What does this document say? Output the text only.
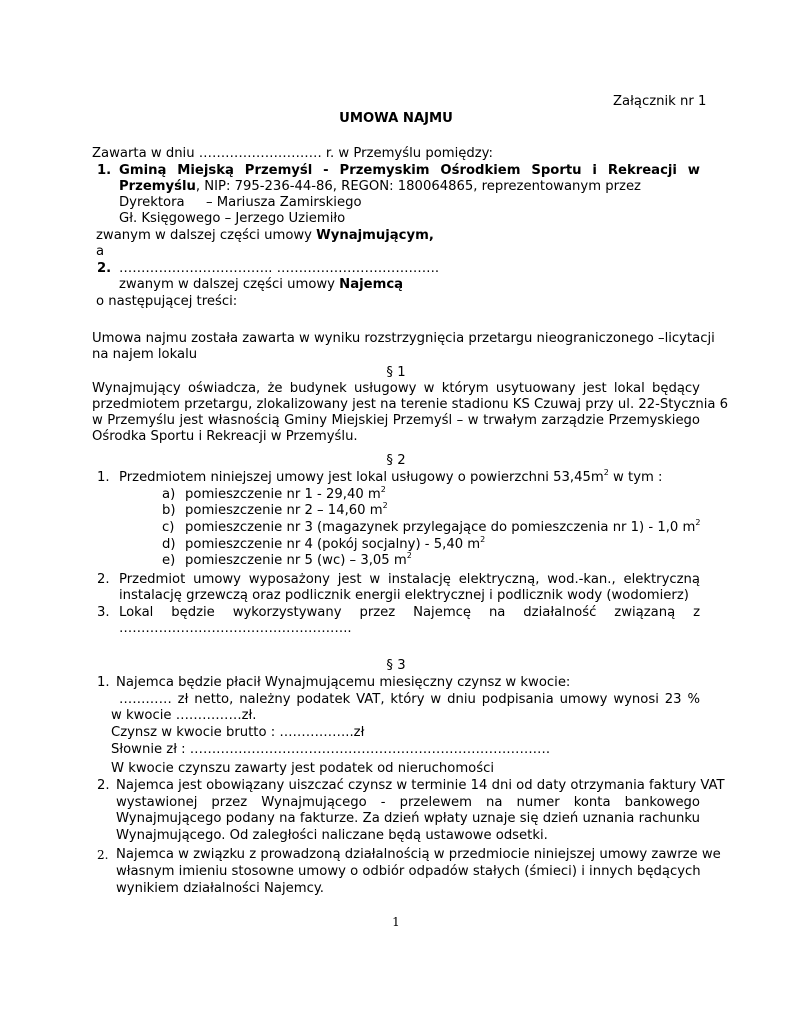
Załącznik nr 1
UMOWA NAJMU
Zawarta w dniu ………………………. r. w Przemyślu pomiędzy:
1. Gminą Miejską Przemyśl - Przemyskim Ośrodkiem Sportu i Rekreacji w
Przemyślu, NIP: 795-236-44-86, REGON: 180064865, reprezentowanym przez
Dyrektora – Mariusza Zamirskiego
Gł. Księgowego – Jerzego Uziemiło
zwanym w dalszej części umowy Wynajmującym,
a
2. …………………………….. ……………………………….
zwanym w dalszej części umowy Najemcą
o następującej treści:
Umowa najmu została zawarta w wyniku rozstrzygnięcia przetargu nieograniczonego –licytacji
na najem lokalu
§ 1
Wynajmujący oświadcza, że budynek usługowy w którym usytuowany jest lokal będący
przedmiotem przetargu, zlokalizowany jest na terenie stadionu KS Czuwaj przy ul. 22-Stycznia 6
w Przemyślu jest własnością Gminy Miejskiej Przemyśl – w trwałym zarządzie Przemyskiego
Ośrodka Sportu i Rekreacji w Przemyślu.
§ 2
1. Przedmiotem niniejszej umowy jest lokal usługowy o powierzchni $53,45m^2$ w tym :
a) pomieszczenie nr 1 - 29,40 $m^2$
b) pomieszczenie nr 2 – 14,60 $m^2$
c) pomieszczenie nr 3 (magazynek przylegające do pomieszczenia nr 1) - 1,0 $m^2$
d) pomieszczenie nr 4 (pokój socjalny) - 5,40 $m^2$
e) pomieszczenie nr 5 (wc) – 3,05 $m^2$
2. Przedmiot umowy wyposażony jest w instalację elektryczną, wod.-kan., elektryczną
instalację grzewczą oraz podlicznik energii elektrycznej i podlicznik wody (wodomierz)
3. Lokal będzie wykorzystywany przez Najemcę na działalność związaną z
……………………………………………..
§ 3
1. Najemca będzie płacił Wynajmującemu miesięczny czynsz w kwocie:
………… zł netto, należny podatek VAT, który w dniu podpisania umowy wynosi 23 %
w kwocie ……………zł.
Czynsz w kwocie brutto : ……………..zł
Słownie zł : ……………………………………………………………………….
W kwocie czynszu zawarty jest podatek od nieruchomości
2. Najemca jest obowiązany uiszczać czynsz w terminie 14 dni od daty otrzymania faktury VAT
wystawionej przez Wynajmującego - przelewem na numer konta bankowego
Wynajmującego podany na fakturze. Za dzień wpłaty uznaje się dzień uznania rachunku
Wynajmującego. Od zaległości naliczane będą ustawowe odsetki.
2. Najemca w związku z prowadzoną działalnością w przedmiocie niniejszej umowy zawrze we
własnym imieniu stosowne umowy o odbiór odpadów stałych (śmieci) i innych będących
wynikiem działalności Najemcy.
1
